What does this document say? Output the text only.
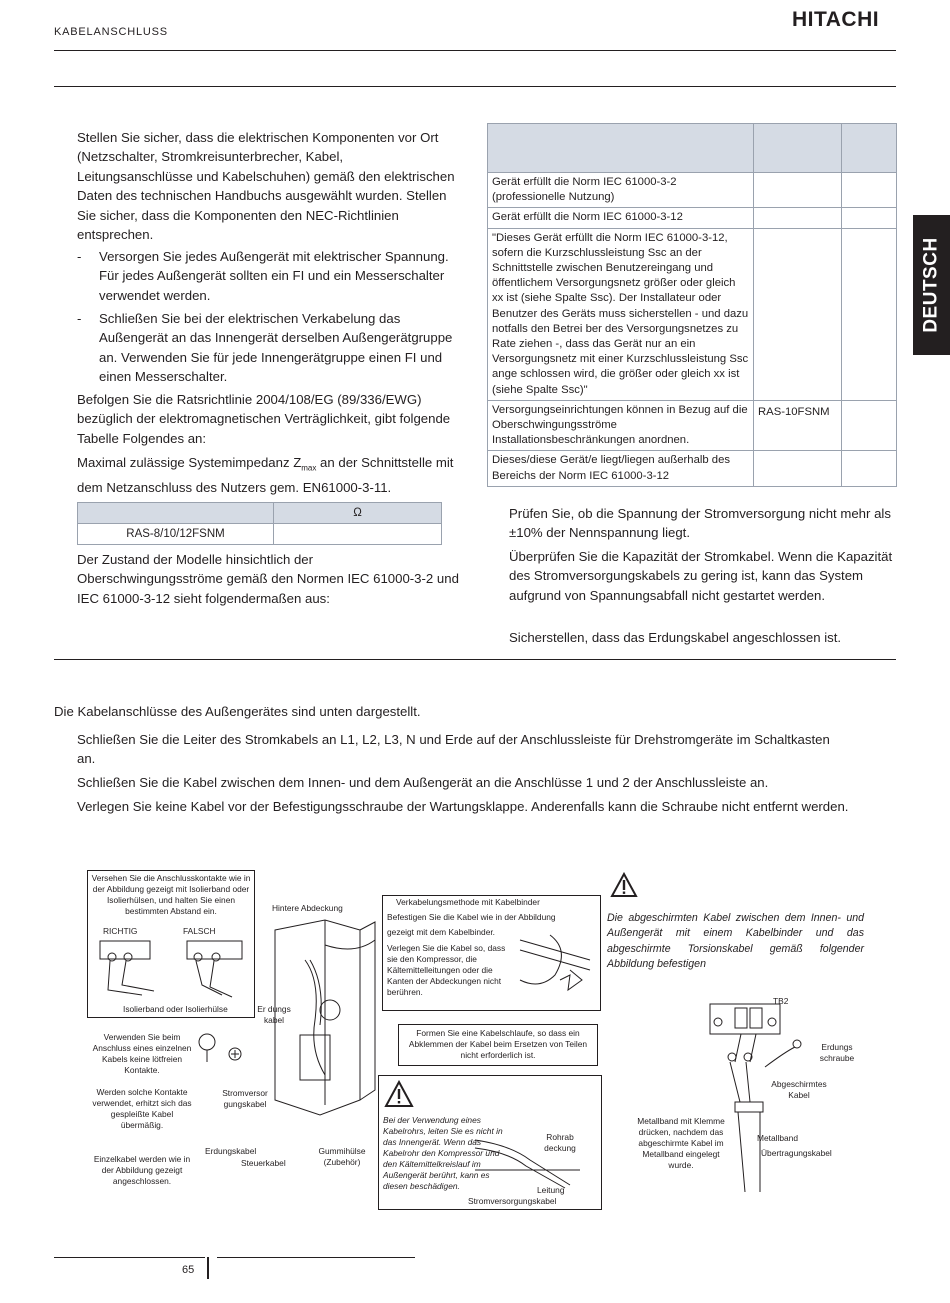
KABELANSCHLUSS
HITACHI
DEUTSCH
Stellen Sie sicher, dass die elektrischen Komponenten vor Ort (Netzschalter, Stromkreisunterbrecher, Kabel, Leitungsanschlüsse und Kabelschuhen) gemäß den elektrischen Daten des technischen Handbuchs ausgewählt wurden. Stellen Sie sicher, dass die Komponenten den NEC-Richtlinien entsprechen.
- Versorgen Sie jedes Außengerät mit elektrischer Spannung. Für jedes Außengerät sollten ein FI und ein Messerschalter verwendet werden.
- Schließen Sie bei der elektrischen Verkabelung das Außengerät an das Innengerät derselben Außengerätgruppe an. Verwenden Sie für jede Innengerätgruppe einen FI und einen Messerschalter.
Befolgen Sie die Ratsrichtlinie 2004/108/EG (89/336/EWG) bezüglich der elektromagnetischen Verträglichkeit, gibt folgende Tabelle Folgendes an:
Maximal zulässige Systemimpedanz $Z_{max}$ an der Schnittstelle mit dem Netzanschluss des Nutzers gem. EN61000-3-11.
	Ω
RAS-8/10/12FSNM	
Der Zustand der Modelle hinsichtlich der Oberschwingungsströme gemäß den Normen IEC 61000-3-2 und IEC 61000-3-12 sieht folgendermaßen aus:

Gerät erfüllt die Norm IEC 61000-3-2 (professionelle Nutzung)		
Gerät erfüllt die Norm IEC 61000-3-12		
"Dieses Gerät erfüllt die Norm IEC 61000-3-12, sofern die Kurzschlussleistung Ssc an der Schnittstelle zwischen Benutzereingang und öffentlichem Versorgungsnetz größer oder gleich xx ist (siehe Spalte Ssc). Der Installateur oder Benutzer des Geräts muss sicherstellen - und dazu notfalls den Betrei ber des Versorgungsnetzes zu Rate ziehen -, dass das Gerät nur an ein Versorgungsnetz mit einer Kurzschlussleistung Ssc ange schlossen wird, die größer oder gleich xx ist (siehe Spalte Ssc)"		
Versorgungseinrichtungen können in Bezug auf die Oberschwingungsströme Installationsbeschränkungen anordnen.	RAS-10FSNM	
Dieses/diese Gerät/e liegt/liegen außerhalb des Bereichs der Norm IEC 61000-3-12		
Prüfen Sie, ob die Spannung der Stromversorgung nicht mehr als ±10% der Nennspannung liegt.
Überprüfen Sie die Kapazität der Stromkabel. Wenn die Kapazität des Stromversorgungskabels zu gering ist, kann das System aufgrund von Spannungsabfall nicht gestartet werden.
Sicherstellen, dass das Erdungskabel angeschlossen ist.
Die Kabelanschlüsse des Außengerätes sind unten dargestellt.
Schließen Sie die Leiter des Stromkabels an L1, L2, L3, N und Erde auf der Anschlussleiste für Drehstromgeräte im Schaltkasten an.
Schließen Sie die Kabel zwischen dem Innen- und dem Außengerät an die Anschlüsse 1 und 2 der Anschlussleiste an.
Verlegen Sie keine Kabel vor der Befestigungsschraube der Wartungsklappe. Anderenfalls kann die Schraube nicht entfernt werden.
Versehen Sie die Anschlusskontakte wie in der Abbildung gezeigt mit Isolierband oder Isolierhülsen, und halten Sie einen bestimmten Abstand ein.
RICHTIG	FALSCH
Isolierband oder Isolierhülse
Hintere Abdeckung
Er dungs kabel
Verkabelungsmethode mit Kabelbinder
Befestigen Sie die Kabel wie in der Abbildung gezeigt mit dem Kabelbinder.
Verlegen Sie die Kabel so, dass sie den Kompressor, die Kältemittelleitungen oder die Kanten der Abdeckungen nicht berühren.
Verwenden Sie beim Anschluss eines einzelnen Kabels keine lötfreien Kontakte.
Werden solche Kontakte verwendet, erhitzt sich das gespleißte Kabel übermäßig.
Einzelkabel werden wie in der Abbildung gezeigt angeschlossen.
Stromversor gungskabel
Erdungskabel
Steuerkabel
Gummihülse (Zubehör)
Formen Sie eine Kabelschlaufe, so dass ein Abklemmen der Kabel beim Ersetzen von Teilen nicht erforderlich ist.
Bei der Verwendung eines Kabelrohrs, leiten Sie es nicht in das Innengerät. Wenn das Kabelrohr den Kompressor und den Kältemittelkreislauf im Außengerät berührt, kann es diesen beschädigen.
Rohrab deckung
Leitung
Stromversorgungskabel
Die abgeschirmten Kabel zwischen dem Innen- und Außengerät mit einem Kabelbinder und das abgeschirmte Torsionskabel gemäß folgender Abbildung befestigen
TB2
Erdungs schraube
Abgeschirmtes Kabel
Metallband mit Klemme drücken, nachdem das abgeschirmte Kabel im Metallband eingelegt wurde.
Metallband
Übertragungskabel
65
